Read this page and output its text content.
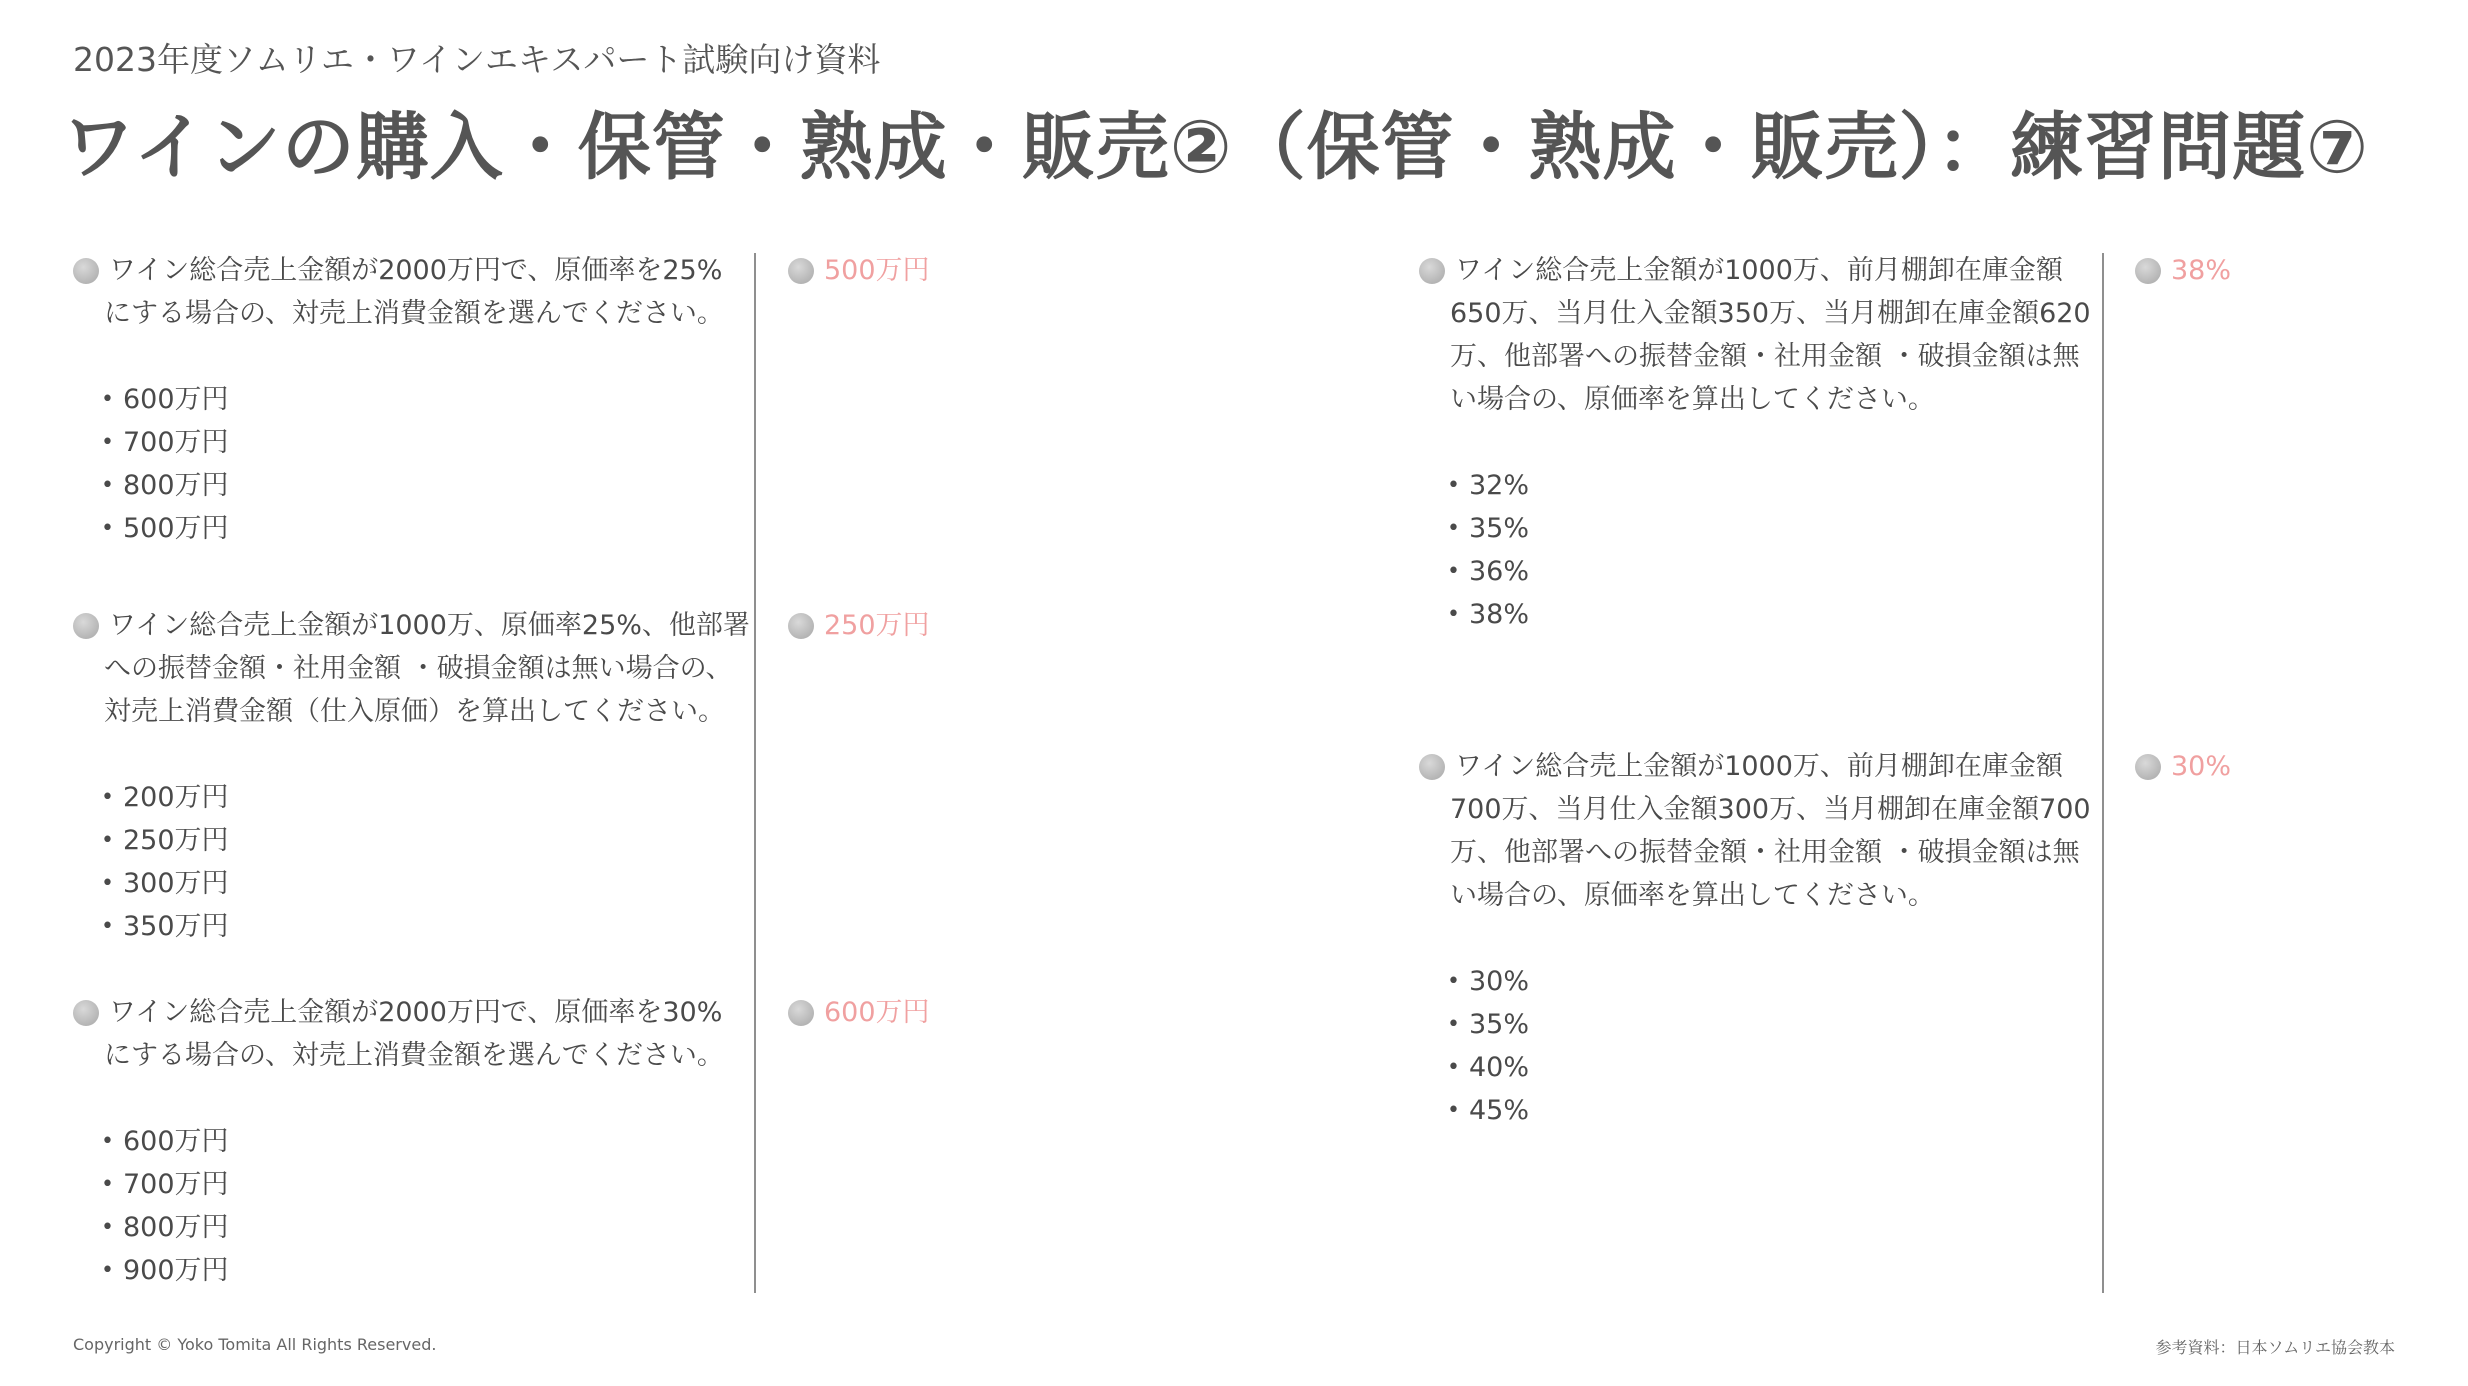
2023年度ソムリエ・ワインエキスパート試験向け資料
ワインの購入・保管・熟成・販売②（保管・熟成・販売）：練習問題⑦
ワイン総合売上金額が2000万円で、原価率を25%にする場合の、対売上消費金額を選んでください。
• 600万円
• 700万円
• 800万円
• 500万円
500万円
ワイン総合売上金額が1000万、原価率25%、他部署への振替金額・社用金額 ・破損金額は無い場合の、対売上消費金額（仕入原価）を算出してください。
• 200万円
• 250万円
• 300万円
• 350万円
250万円
ワイン総合売上金額が2000万円で、原価率を30%にする場合の、対売上消費金額を選んでください。
• 600万円
• 700万円
• 800万円
• 900万円
600万円
ワイン総合売上金額が1000万、前月棚卸在庫金額650万、当月仕入金額350万、当月棚卸在庫金額620万、他部署への振替金額・社用金額 ・破損金額は無い場合の、原価率を算出してください。
• 32%
• 35%
• 36%
• 38%
38%
ワイン総合売上金額が1000万、前月棚卸在庫金額700万、当月仕入金額300万、当月棚卸在庫金額700万、他部署への振替金額・社用金額 ・破損金額は無い場合の、原価率を算出してください。
• 30%
• 35%
• 40%
• 45%
30%
Copyright © Yoko Tomita All Rights Reserved.	参考資料：日本ソムリエ協会教本
